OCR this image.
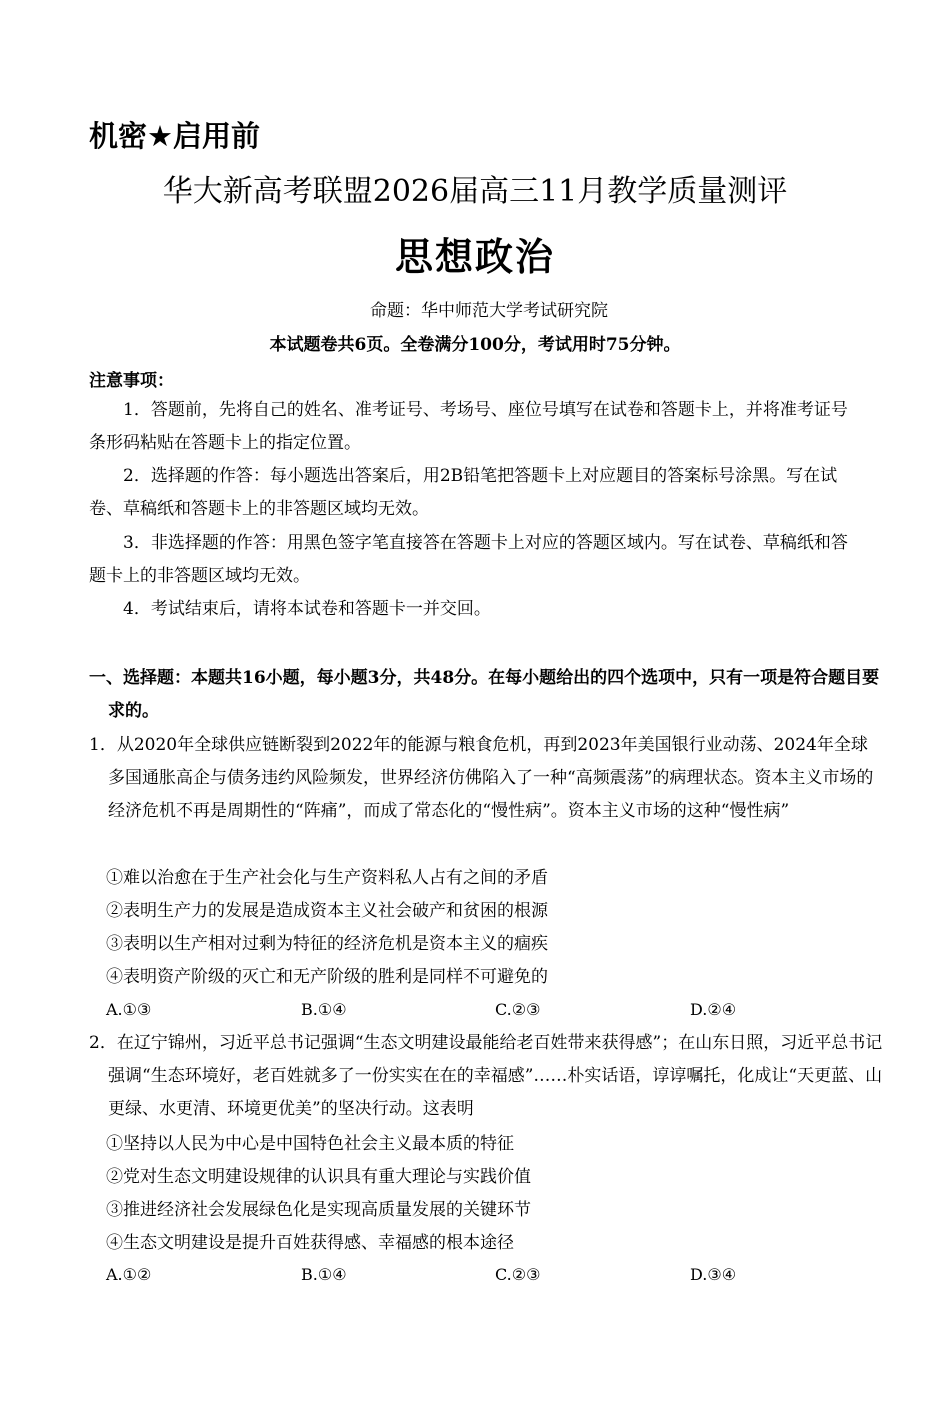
机密★启用前
华大新高考联盟2026届高三11月教学质量测评
思想政治
命题：华中师范大学考试研究院
本试题卷共6页。全卷满分100分，考试用时75分钟。
注意事项：
1．答题前，先将自己的姓名、准考证号、考场号、座位号填写在试卷和答题卡上，并将准考证号条形码粘贴在答题卡上的指定位置。
2．选择题的作答：每小题选出答案后，用2B铅笔把答题卡上对应题目的答案标号涂黑。写在试卷、草稿纸和答题卡上的非答题区域均无效。
3．非选择题的作答：用黑色签字笔直接答在答题卡上对应的答题区域内。写在试卷、草稿纸和答题卡上的非答题区域均无效。
4．考试结束后，请将本试卷和答题卡一并交回。
一、选择题：本题共16小题，每小题3分，共48分。在每小题给出的四个选项中，只有一项是符合题目要求的。
1．从2020年全球供应链断裂到2022年的能源与粮食危机，再到2023年美国银行业动荡、2024年全球多国通胀高企与债务违约风险频发，世界经济仿佛陷入了一种“高频震荡”的病理状态。资本主义市场的经济危机不再是周期性的“阵痛”，而成了常态化的“慢性病”。资本主义市场的这种“慢性病”
①难以治愈在于生产社会化与生产资料私人占有之间的矛盾
②表明生产力的发展是造成资本主义社会破产和贫困的根源
③表明以生产相对过剩为特征的经济危机是资本主义的痼疾
④表明资产阶级的灭亡和无产阶级的胜利是同样不可避免的
A.①③	B.①④	C.②③	D.②④
2．在辽宁锦州，习近平总书记强调“生态文明建设最能给老百姓带来获得感”；在山东日照，习近平总书记强调“生态环境好，老百姓就多了一份实实在在的幸福感”……朴实话语，谆谆嘱托，化成让“天更蓝、山更绿、水更清、环境更优美”的坚决行动。这表明
①坚持以人民为中心是中国特色社会主义最本质的特征
②党对生态文明建设规律的认识具有重大理论与实践价值
③推进经济社会发展绿色化是实现高质量发展的关键环节
④生态文明建设是提升百姓获得感、幸福感的根本途径
A.①②	B.①④	C.②③	D.③④
